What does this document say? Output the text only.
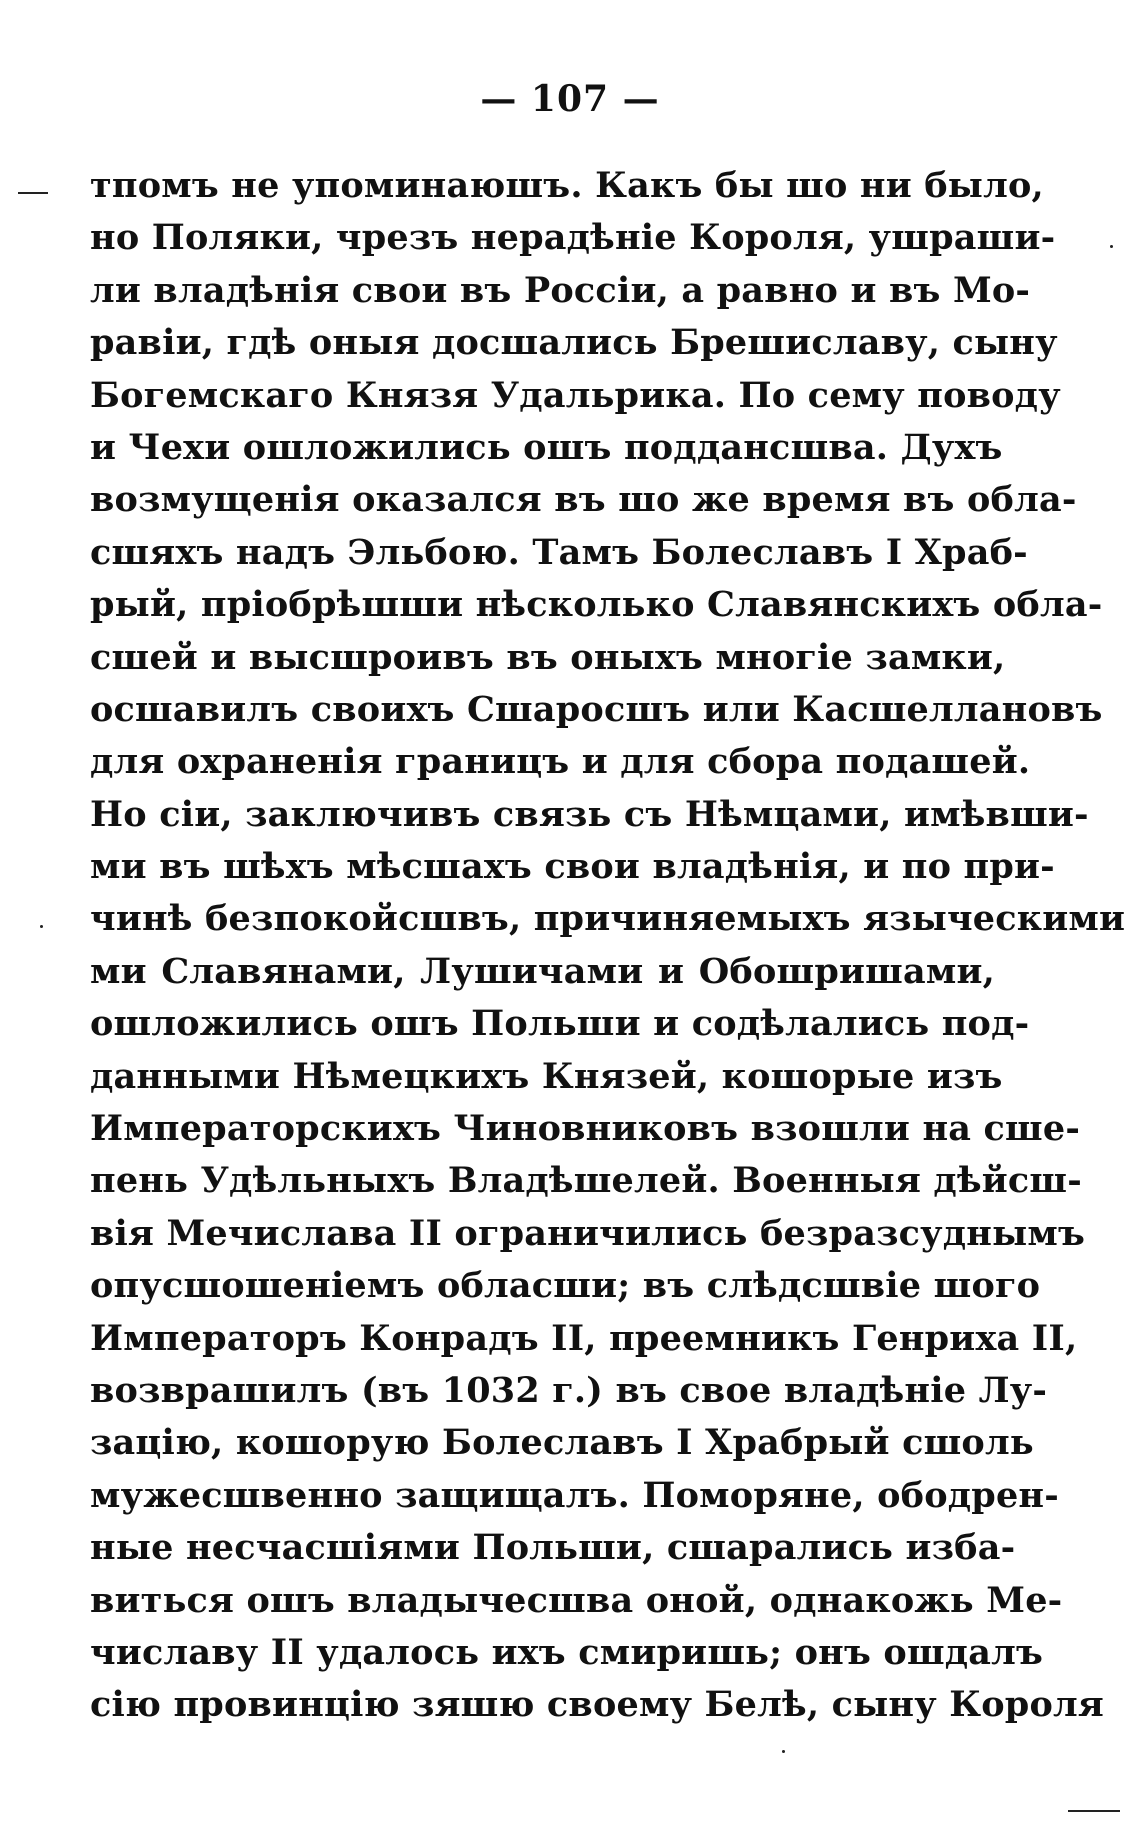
— 107 —
тпомъ не упоминаюшъ. Какъ бы шо ни было,
но Поляки, чрезъ нерадѣніе Короля, ушраши-
ли владѣнія свои въ Россіи, а равно и въ Мо-
равіи, гдѣ оныя досшались Брешиславу, сыну
Богемскаго Князя Удальрика. По сему поводу
и Чехи ошложились ошъ поддансшва. Духъ
возмущенія оказался въ шо же время въ обла-
сшяхъ надъ Эльбою. Тамъ Болеславъ I Храб-
рый, пріобрѣшши нѣсколько Славянскихъ обла-
сшей и высшроивъ въ оныхъ многіе замки,
осшавилъ своихъ Сшаросшъ или Касшеллановъ
для охраненія границъ и для сбора подашей.
Но сіи, заключивъ связь съ Нѣмцами, имѣвши-
ми въ шѣхъ мѣсшахъ свои владѣнія, и по при-
чинѣ безпокойсшвъ, причиняемыхъ языческими
ми Славянами, Лушичами и Обошришами,
ошложились ошъ Польши и содѣлались под-
данными Нѣмецкихъ Князей, кошорые изъ
Императорскихъ Чиновниковъ взошли на сше-
пень Удѣльныхъ Владѣшелей. Военныя дѣйсш-
вія Мечислава II ограничились безразсуднымъ
опусшошеніемъ обласши; въ слѣдсшвіе шого
Императоръ Конрадъ II, преемникъ Генриха II,
возврашилъ (въ 1032 г.) въ свое владѣніе Лу-
зацію, кошорую Болеславъ I Храбрый сшоль
мужесшвенно защищалъ. Поморяне, ободрен-
ные несчасшіями Польши, сшарались изба-
виться ошъ владычесшва оной, однакожь Ме-
числаву II удалось ихъ смиришь; онъ ошдалъ
сію провинцію зяшю своему Белѣ, сыну Короля
